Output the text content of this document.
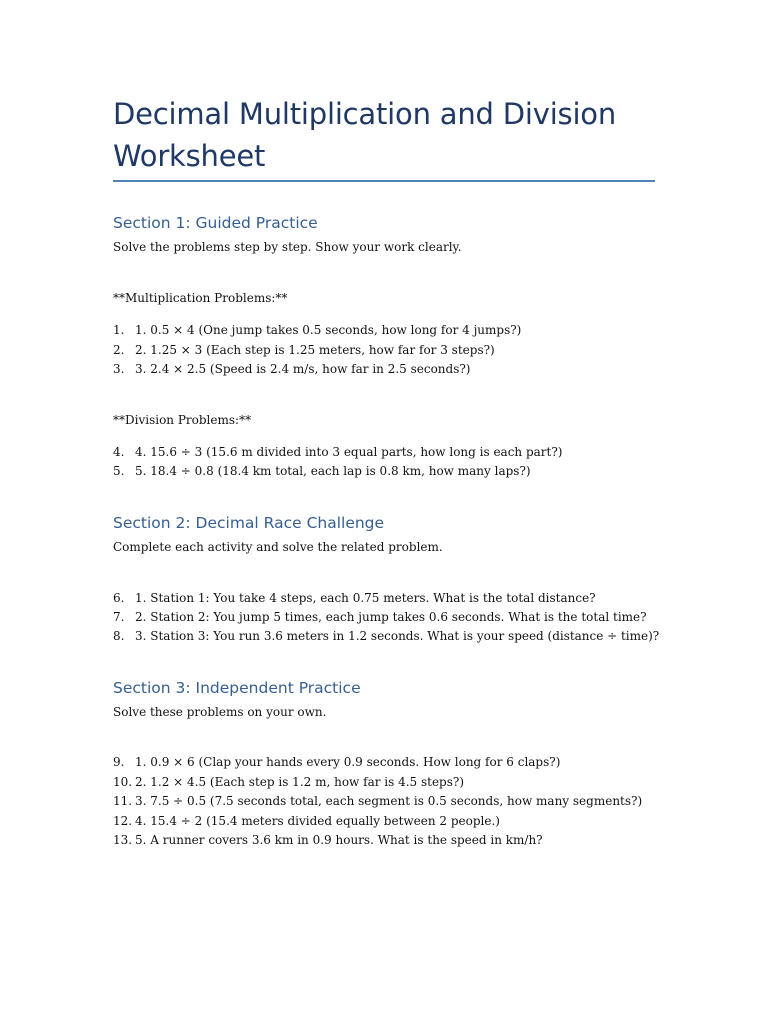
Decimal Multiplication and Division
Worksheet
Section 1: Guided Practice

Solve the problems step by step. Show your work clearly.

**Multiplication Problems:**

1. 1. 0.5 × 4 (One jump takes 0.5 seconds, how long for 4 jumps?)

2. 2. 1.25 × 3 (Each step is 1.25 meters, how far for 3 steps?)

3. 3. 2.4 × 2.5 (Speed is 2.4 m/s, how far in 2.5 seconds?)

**Division Problems:**

4. 4. 15.6 ÷ 3 (15.6 m divided into 3 equal parts, how long is each part?)

5. 5. 18.4 ÷ 0.8 (18.4 km total, each lap is 0.8 km, how many laps?)

Section 2: Decimal Race Challenge

Complete each activity and solve the related problem.

6. 1. Station 1: You take 4 steps, each 0.75 meters. What is the total distance?

7. 2. Station 2: You jump 5 times, each jump takes 0.6 seconds. What is the total time?

8. 3. Station 3: You run 3.6 meters in 1.2 seconds. What is your speed (distance ÷ time)?

Section 3: Independent Practice

Solve these problems on your own.

9. 1. 0.9 × 6 (Clap your hands every 0.9 seconds. How long for 6 claps?)

10. 2. 1.2 × 4.5 (Each step is 1.2 m, how far is 4.5 steps?)

11. 3. 7.5 ÷ 0.5 (7.5 seconds total, each segment is 0.5 seconds, how many segments?)

12. 4. 15.4 ÷ 2 (15.4 meters divided equally between 2 people.)

13. 5. A runner covers 3.6 km in 0.9 hours. What is the speed in km/h?
